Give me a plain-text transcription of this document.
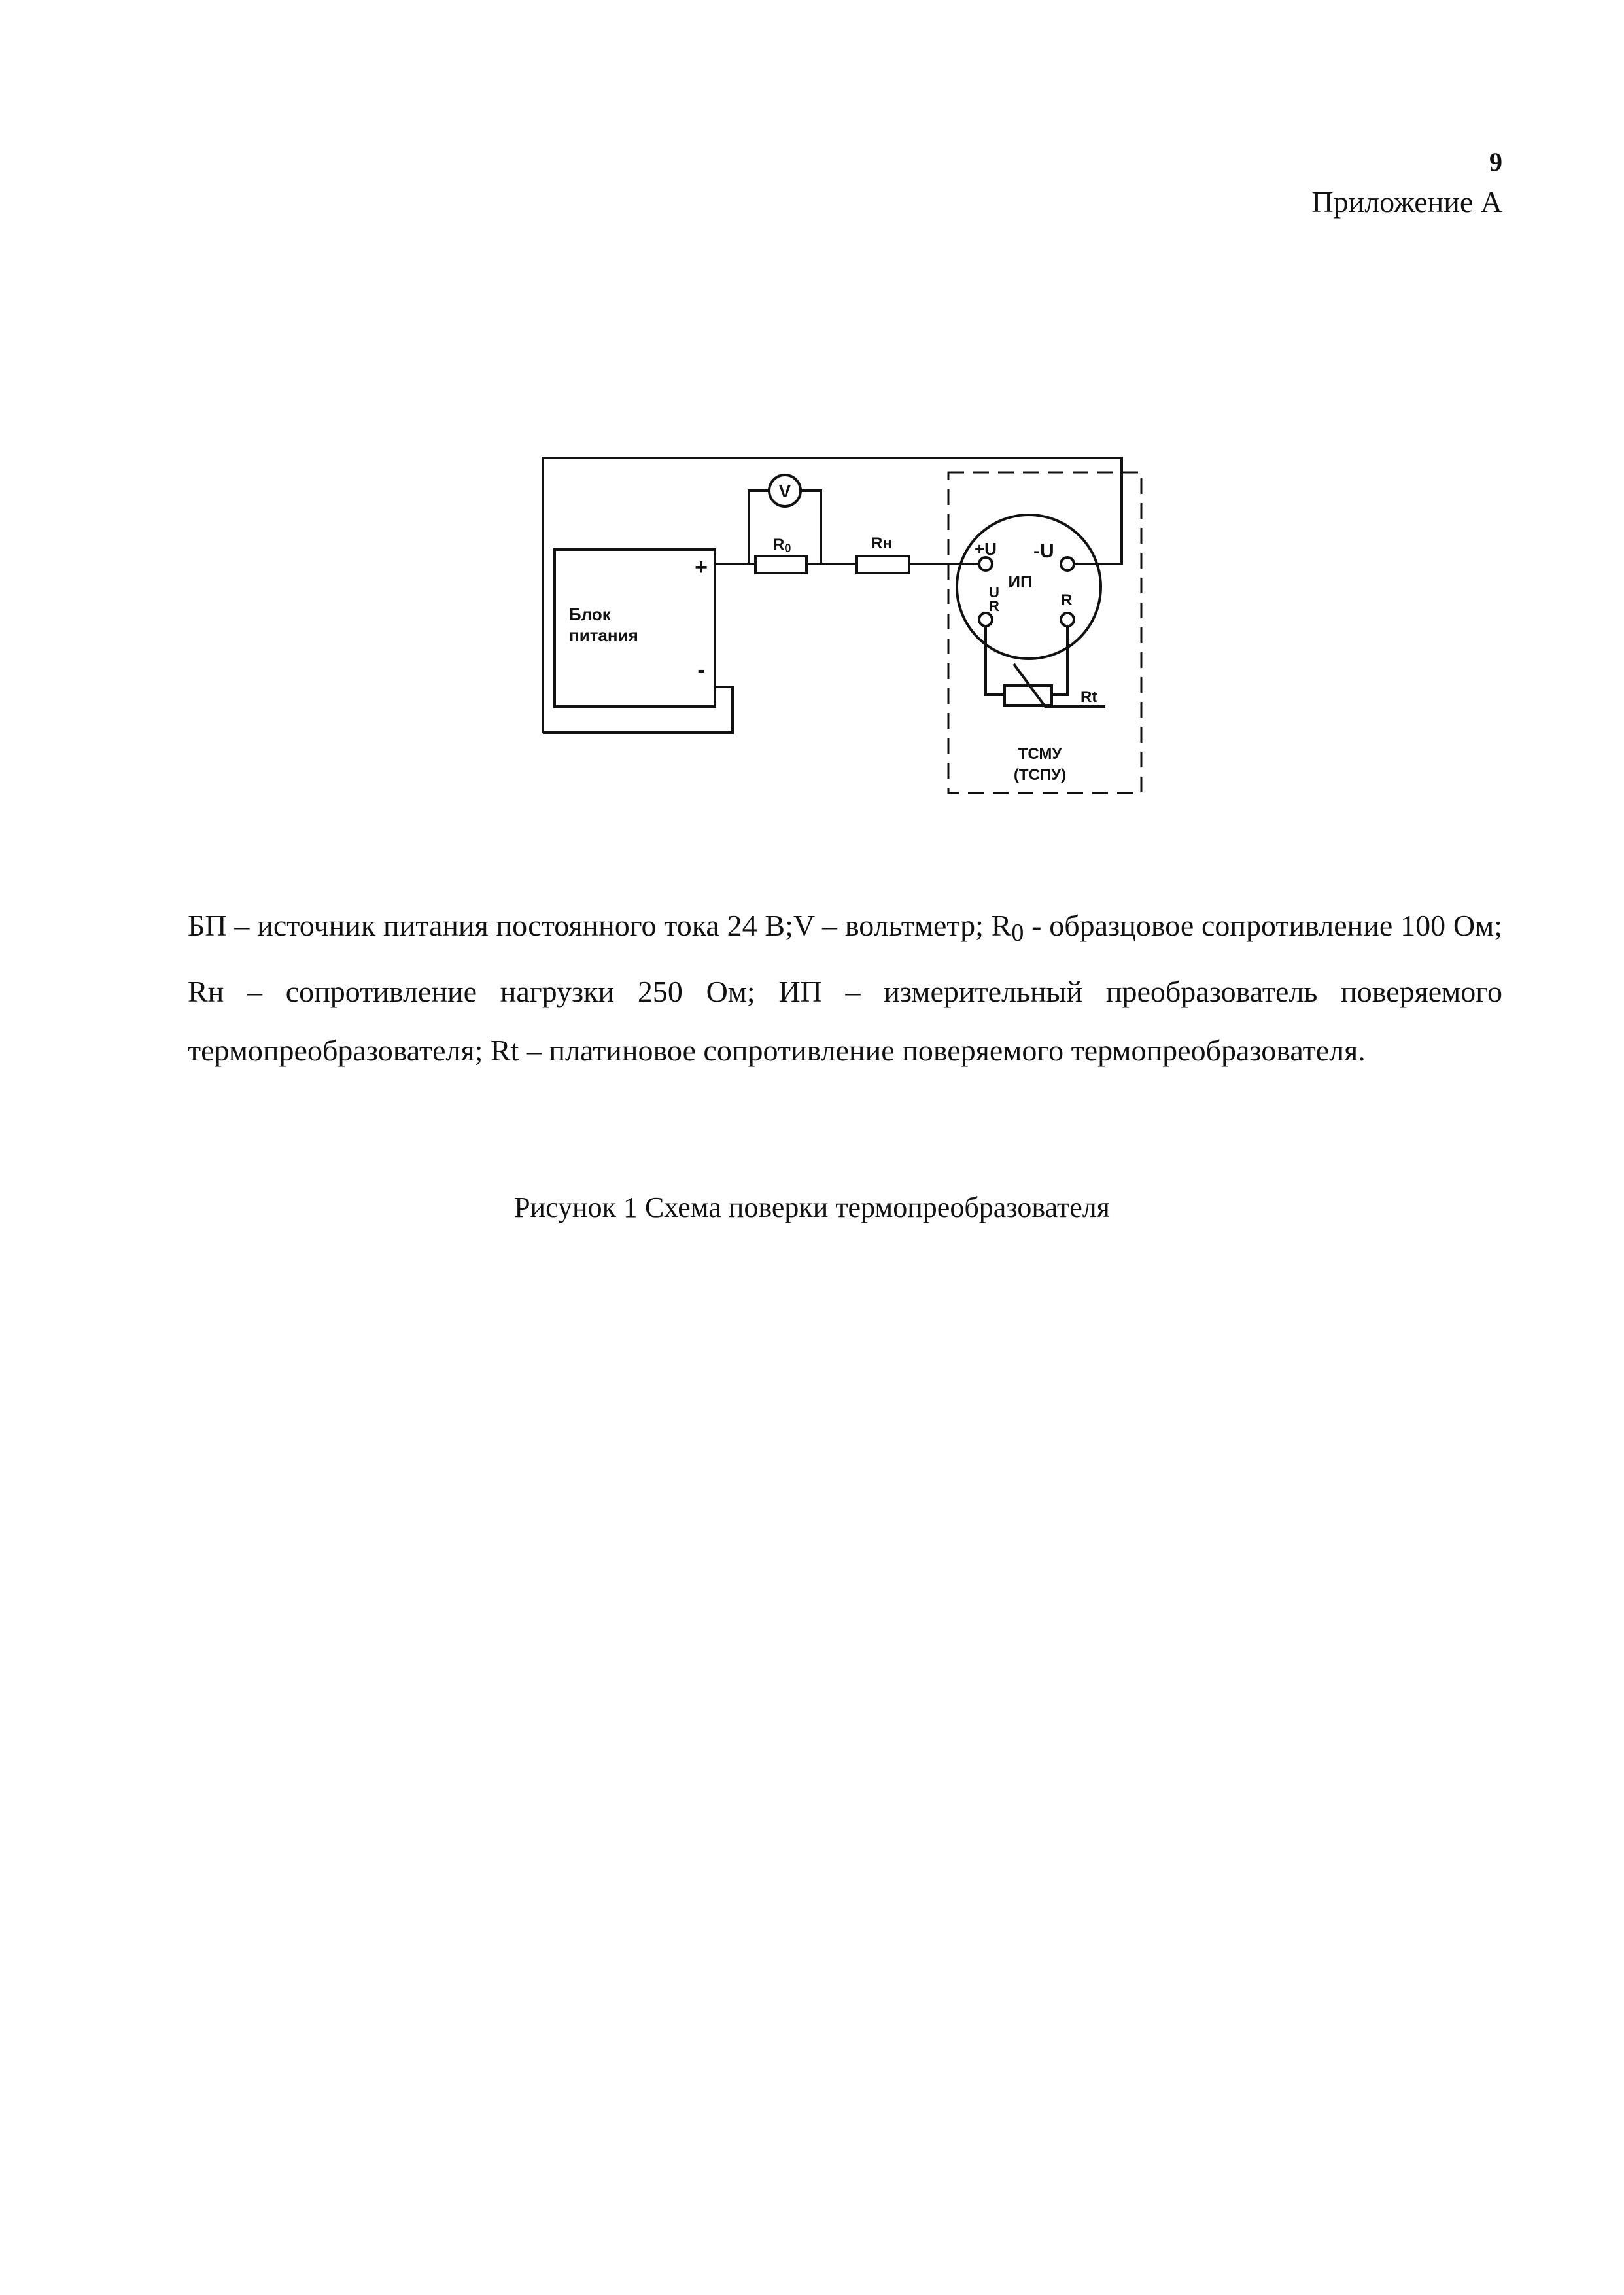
9
Приложение А
+
-
Блок
питания
V
R0	Rн	+U -U
ИП
U
R	R
Rt
ТСМУ
(ТСПУ)

БП – источник питания постоянного тока 24 В;V – вольтметр; $R_0$ - образцовое сопротивление 100 Ом; Rн – сопротивление нагрузки 250 Ом; ИП – измерительный преобразователь поверяемого термопреобразователя; Rt – платиновое сопротивление поверяемого термопреобразователя.

Рисунок 1 Схема поверки термопреобразователя
